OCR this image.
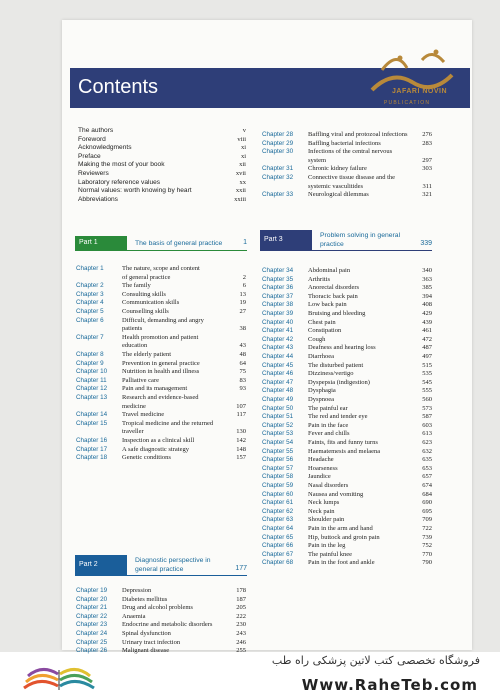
Contents	JAFARI NOVIN
PUBLICATION
فروشگاه تخصصی کتب لاتین پزشکی راه طب
Www.RaheTeb.com
The authors	v
Foreword	viii
Acknowledgments	xi
Preface	xi
Making the most of your book	xii
Reviewers	xvii
Laboratory reference values	xx
Normal values: worth knowing by heart	xxii
Abbreviations	xxiii
Part 1	The basis of general practice	1
Chapter 1	The nature, scope and content
of general practice	2
Chapter 2	The family	6
Chapter 3	Consulting skills	13
Chapter 4	Communication skills	19
Chapter 5	Counselling skills	27
Chapter 6	Difficult, demanding and angry
patients	38
Chapter 7	Health promotion and patient
education	43
Chapter 8	The elderly patient	48
Chapter 9	Prevention in general practice	64
Chapter 10 Nutrition in health and illness	75
Chapter 11 Palliative care	83
Chapter 12 Pain and its management	93
Chapter 13 Research and evidence-based
medicine	107
Chapter 14 Travel medicine	117
Chapter 15 Tropical medicine and the returned
traveller	130
Chapter 16 Inspection as a clinical skill	142
Chapter 17 A safe diagnostic strategy	148
Chapter 18 Genetic conditions	157
Part 2
Diagnostic perspective in
general practice	177
Chapter 19 Depression	178
Chapter 20 Diabetes mellitus	187
Chapter 21 Drug and alcohol problems	205
Chapter 22 Anaemia	222
Chapter 23 Endocrine and metabolic disorders	230
Chapter 24 Spinal dysfunction	243
Chapter 25 Urinary tract infection	246
Chapter 26 Malignant disease	255
Chapter 28 Baffling viral and protozoal infections	276
Chapter 29 Baffling bacterial infections	283
Chapter 30 Infections of the central nervous
system	297
Chapter 31 Chronic kidney failure	303
Chapter 32 Connective tissue disease and the
systemic vasculitides	311
Chapter 33 Neurological dilemmas	321
Part 3
Problem solving in general
practice	339
Chapter 34 Abdominal pain	340
Chapter 35 Arthritis	363
Chapter 36 Anorectal disorders	385
Chapter 37 Thoracic back pain	394
Chapter 38 Low back pain	408
Chapter 39 Bruising and bleeding	429
Chapter 40 Chest pain	439
Chapter 41 Constipation	461
Chapter 42 Cough	472
Chapter 43 Deafness and hearing loss	487
Chapter 44 Diarrhoea	497
Chapter 45 The disturbed patient	515
Chapter 46 Dizziness/vertigo	535
Chapter 47 Dyspepsia (indigestion)	545
Chapter 48 Dysphagia	555
Chapter 49 Dyspnoea	560
Chapter 50 The painful ear	573
Chapter 51 The red and tender eye	587
Chapter 52 Pain in the face	603
Chapter 53 Fever and chills	613
Chapter 54 Faints, fits and funny turns	623
Chapter 55 Haematemesis and melaena	632
Chapter 56 Headache	635
Chapter 57 Hoarseness	653
Chapter 58 Jaundice	657
Chapter 59 Nasal disorders	674
Chapter 60 Nausea and vomiting	684
Chapter 61 Neck lumps	690
Chapter 62 Neck pain	695
Chapter 63 Shoulder pain	709
Chapter 64 Pain in the arm and hand	722
Chapter 65 Hip, buttock and groin pain	739
Chapter 66 Pain in the leg	752
Chapter 67 The painful knee	770
Chapter 68 Pain in the foot and ankle	790
